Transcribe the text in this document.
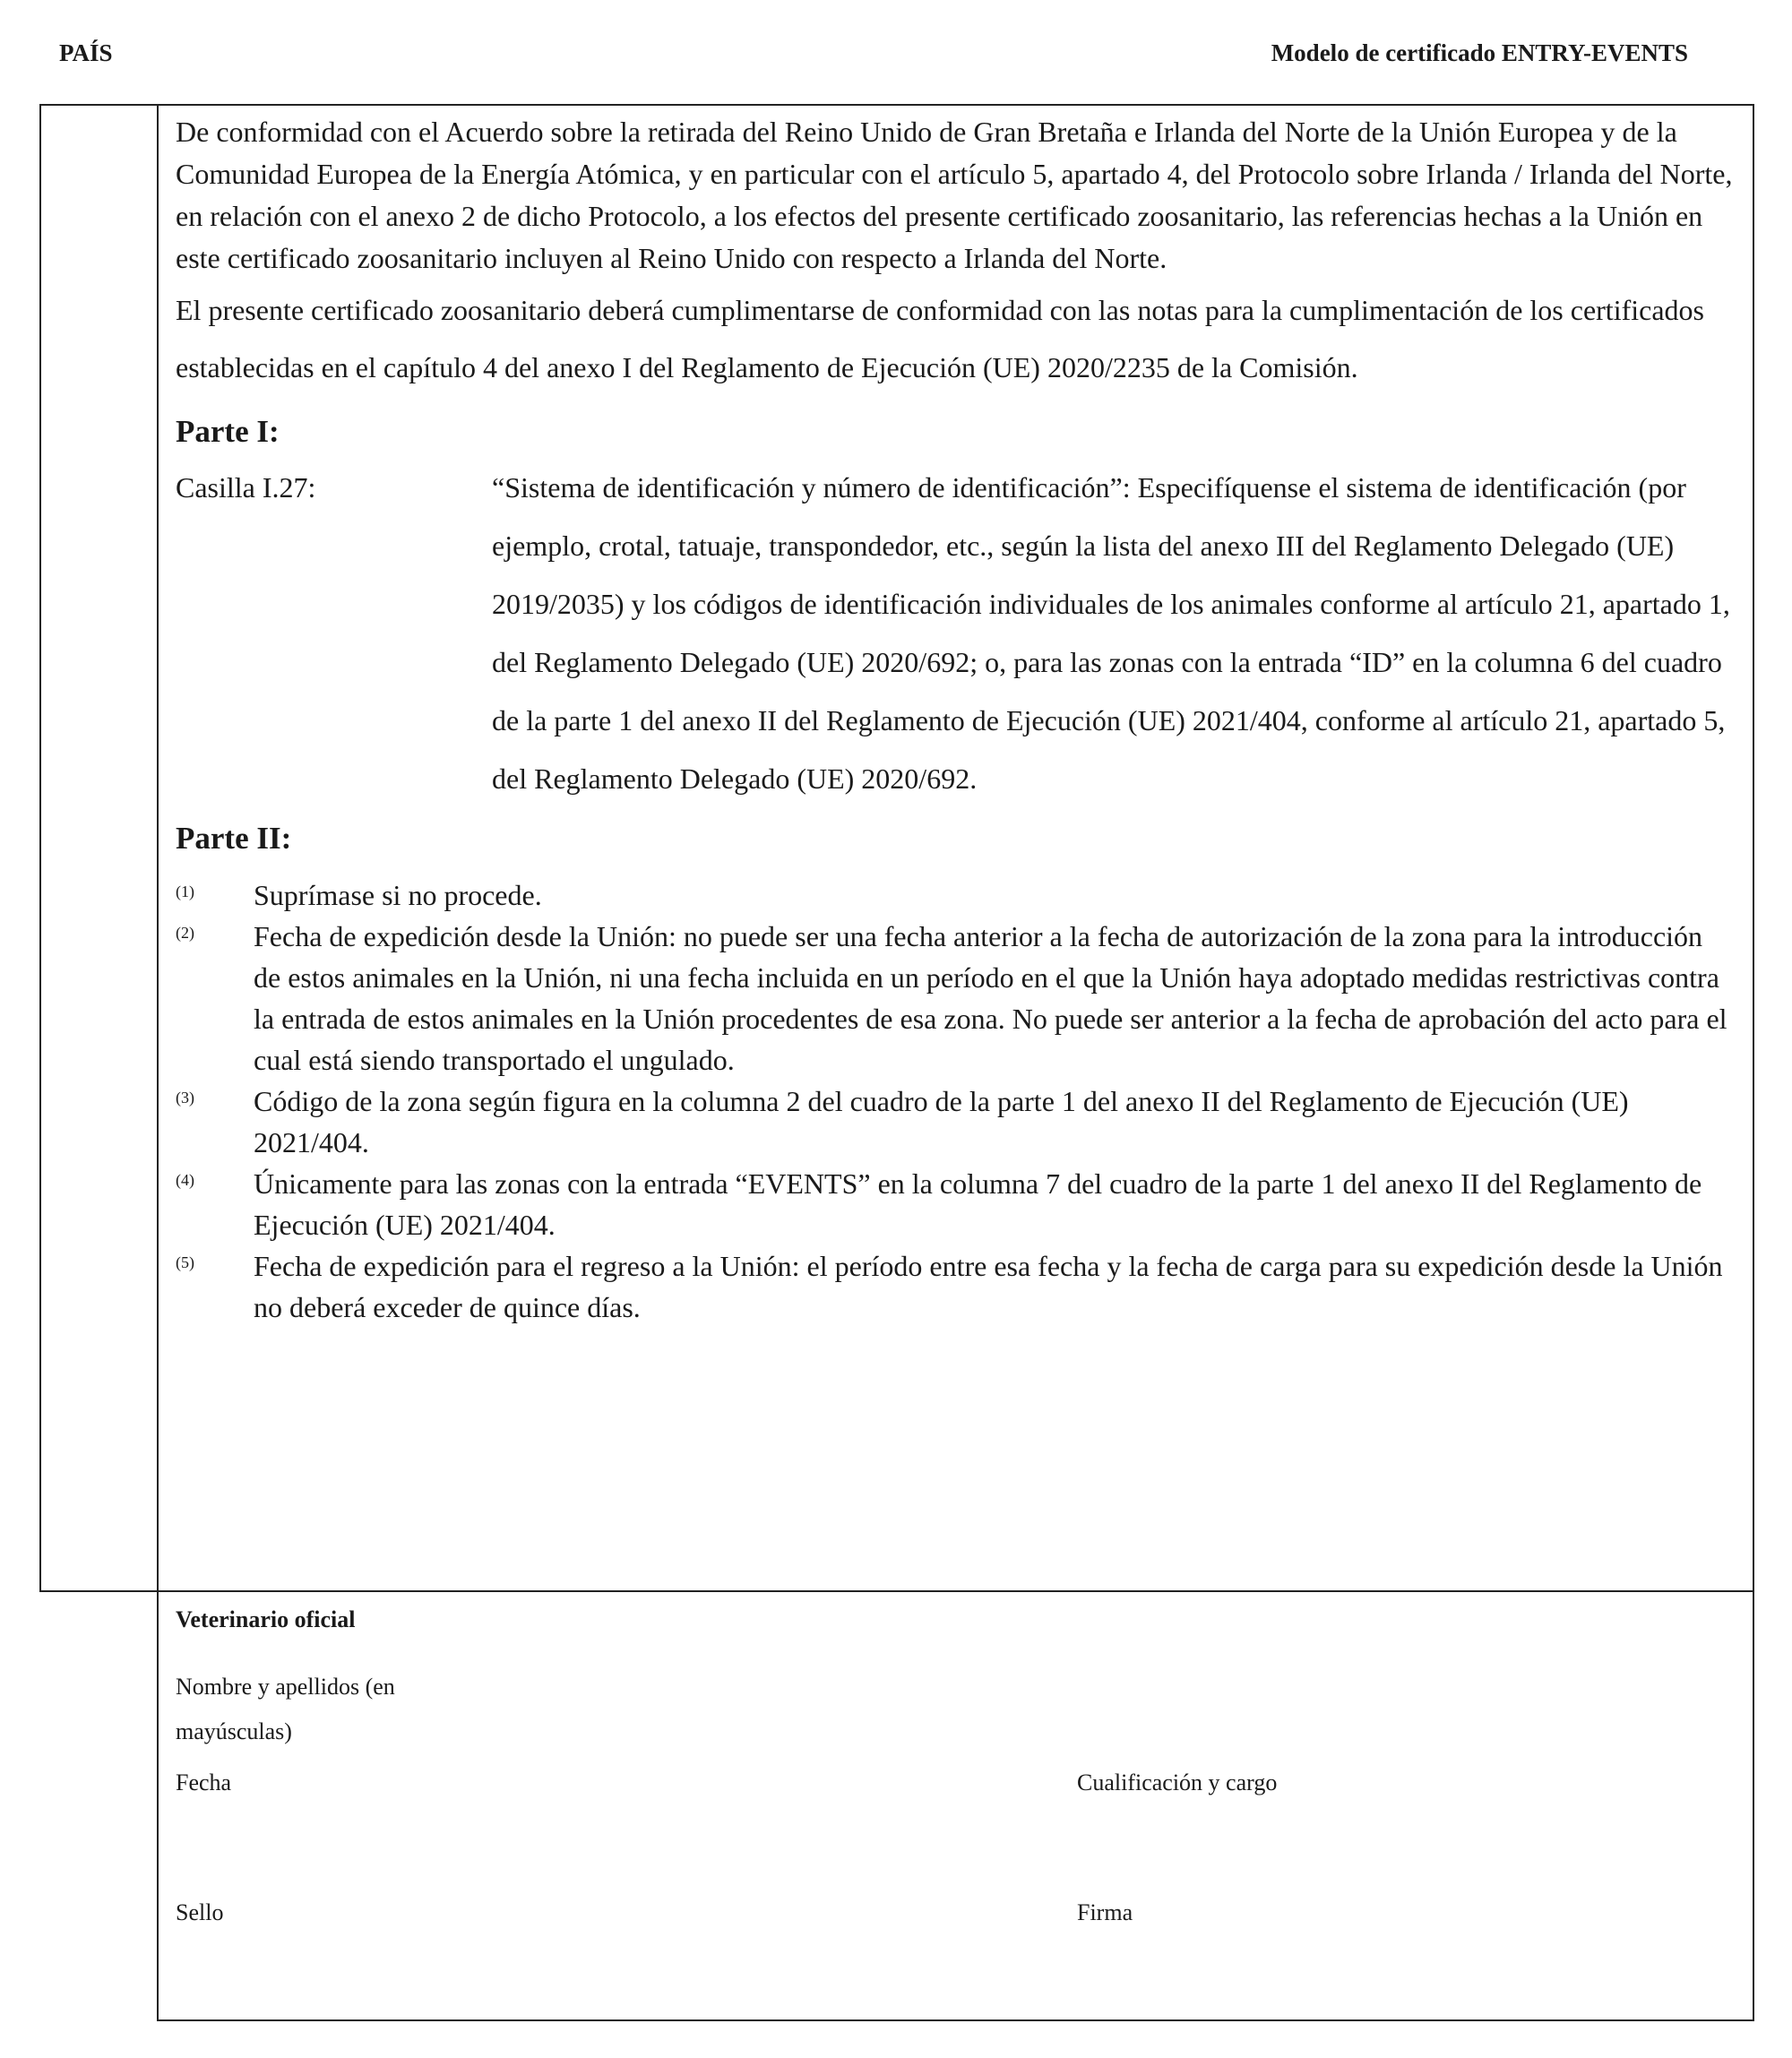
PAÍS	Modelo de certificado ENTRY-EVENTS

De conformidad con el Acuerdo sobre la retirada del Reino Unido de Gran Bretaña e Irlanda del Norte de la Unión Europea y de la Comunidad Europea de la Energía Atómica, y en particular con el artículo 5, apartado 4, del Protocolo sobre Irlanda / Irlanda del Norte, en relación con el anexo 2 de dicho Protocolo, a los efectos del presente certificado zoosanitario, las referencias hechas a la Unión en este certificado zoosanitario incluyen al Reino Unido con respecto a Irlanda del Norte.

El presente certificado zoosanitario deberá cumplimentarse de conformidad con las notas para la cumplimentación de los certificados establecidas en el capítulo 4 del anexo I del Reglamento de Ejecución (UE) 2020/2235 de la Comisión.

Parte I:

Casilla I.27:	“Sistema de identificación y número de identificación”: Especifíquense el sistema de identificación (por ejemplo, crotal, tatuaje, transpondedor, etc., según la lista del anexo III del Reglamento Delegado (UE) 2019/2035) y los códigos de identificación individuales de los animales conforme al artículo 21, apartado 1, del Reglamento Delegado (UE) 2020/692; o, para las zonas con la entrada “ID” en la columna 6 del cuadro de la parte 1 del anexo II del Reglamento de Ejecución (UE) 2021/404, conforme al artículo 21, apartado 5, del Reglamento Delegado (UE) 2020/692.

Parte II:

(1) Suprímase si no procede.
(2) Fecha de expedición desde la Unión: no puede ser una fecha anterior a la fecha de autorización de la zona para la introducción de estos animales en la Unión, ni una fecha incluida en un período en el que la Unión haya adoptado medidas restrictivas contra la entrada de estos animales en la Unión procedentes de esa zona. No puede ser anterior a la fecha de aprobación del acto para el cual está siendo transportado el ungulado.
(3) Código de la zona según figura en la columna 2 del cuadro de la parte 1 del anexo II del Reglamento de Ejecución (UE) 2021/404.
(4) Únicamente para las zonas con la entrada “EVENTS” en la columna 7 del cuadro de la parte 1 del anexo II del Reglamento de Ejecución (UE) 2021/404.
(5) Fecha de expedición para el regreso a la Unión: el período entre esa fecha y la fecha de carga para su expedición desde la Unión no deberá exceder de quince días.
Veterinario oficial
Nombre y apellidos (en mayúsculas)
Fecha	Cualificación y cargo
Sello	Firma
